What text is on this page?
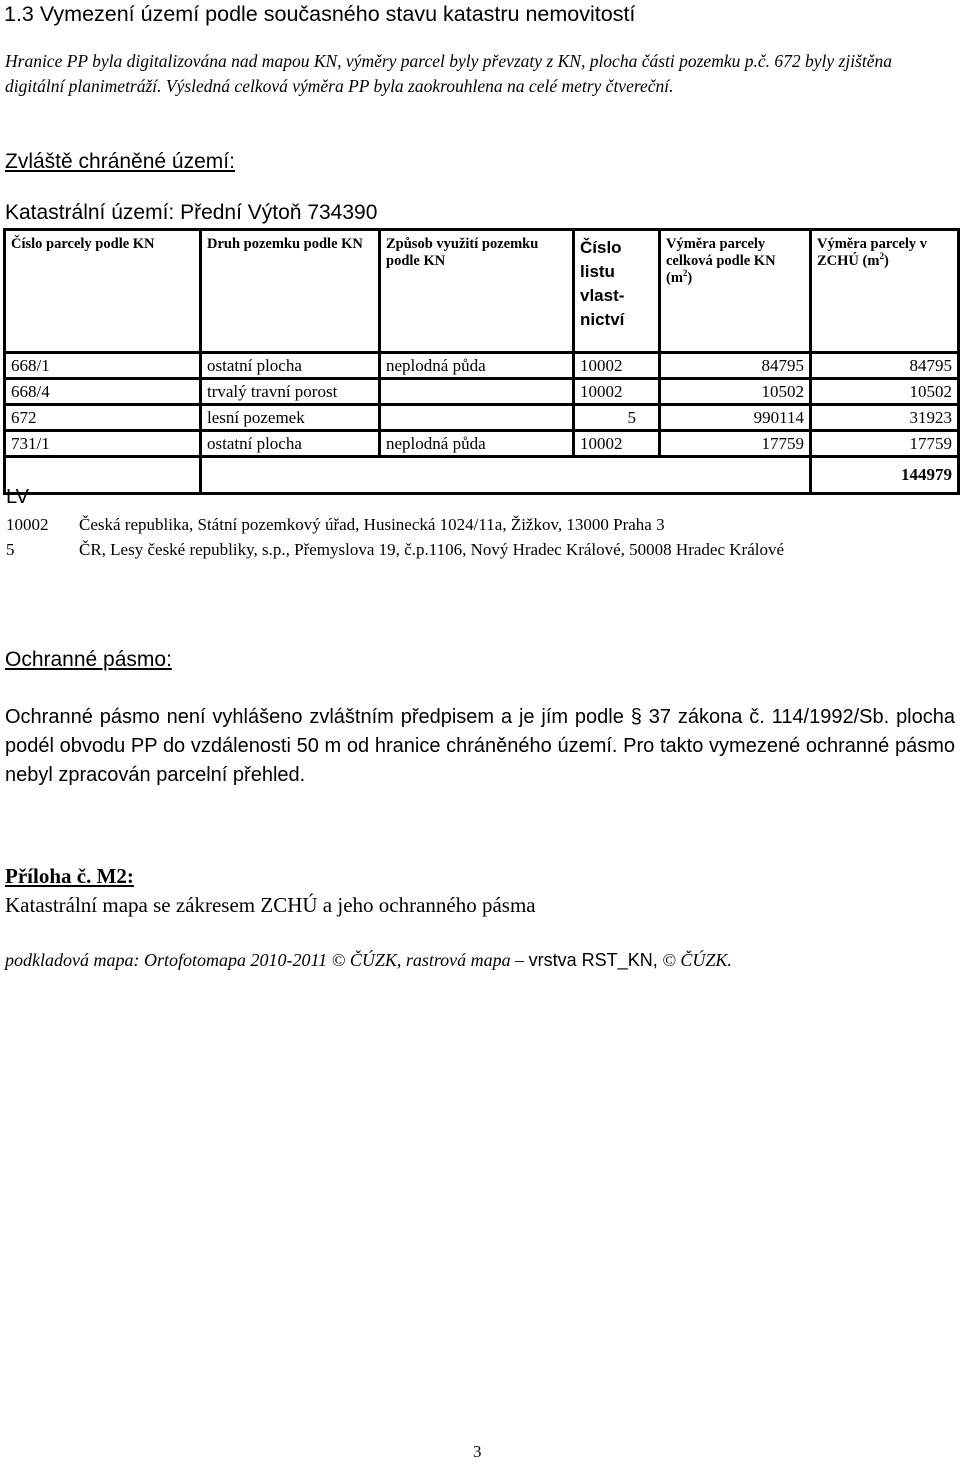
1.3 Vymezení území podle současného stavu katastru nemovitostí
Hranice PP byla digitalizována nad mapou KN, výměry parcel byly převzaty z KN, plocha části pozemku p.č. 672 byly zjištěna digitální planimetráží. Výsledná celková výměra PP byla zaokrouhlena na celé metry čtvereční.
Zvláště chráněné území:
Katastrální území: Přední Výtoň 734390
Číslo parcely podle KN	Druh pozemku podle KN	Způsob využití pozemku podle KN	Číslo listu vlast-nictví	Výměra parcely celková podle KN $(m^2)$	Výměra parcely v ZCHÚ $(m^2)$
668/1	ostatní plocha	neplodná půda	10002	84795	84795
668/4	trvalý travní porost		10002	10502	10502
672	lesní pozemek		5	990114	31923
731/1	ostatní plocha	neplodná půda	10002	17759	17759
					144979
LV
10002 Česká republika, Státní pozemkový úřad, Husinecká 1024/11a, Žižkov, 13000 Praha 3
5	ČR, Lesy české republiky, s.p., Přemyslova 19, č.p.1106, Nový Hradec Králové, 50008 Hradec Králové
Ochranné pásmo:
Ochranné pásmo není vyhlášeno zvláštním předpisem a je jím podle § 37 zákona č. 114/1992/Sb. plocha podél obvodu PP do vzdálenosti 50 m od hranice chráněného území. Pro takto vymezené ochranné pásmo nebyl zpracován parcelní přehled.
Příloha č. M2:
Katastrální mapa se zákresem ZCHÚ a jeho ochranného pásma
podkladová mapa: Ortofotomapa 2010-2011 © ČÚZK, rastrová mapa – vrstva RST_KN, © ČÚZK.
3
